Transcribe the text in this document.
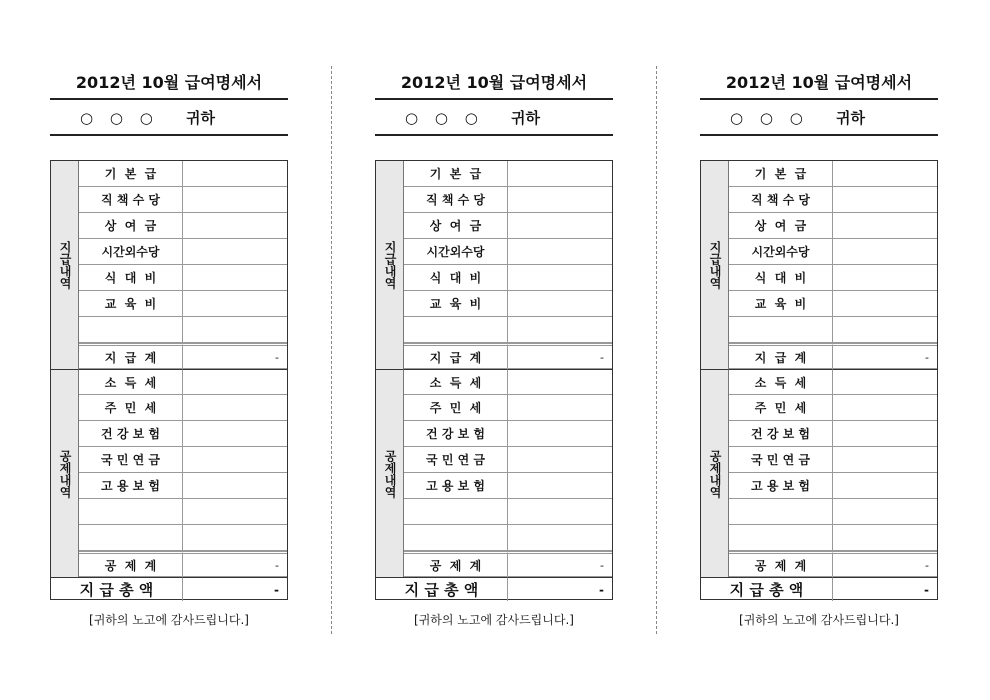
2012년 10월 급여명세서
○ ○ ○ 귀하
지급내역
기  본  급
직 책 수 당
상  여  금
시간외수당
식  대  비
교  육  비
지  급  계	-
공제내역
소  득  세
주  민  세
건 강 보 험
국 민 연 금
고 용 보 험
공  제  계	-
지 급 총 액	-
[귀하의 노고에 감사드립니다.]
2012년 10월 급여명세서
○ ○ ○ 귀하
지급내역
기  본  급
직 책 수 당
상  여  금
시간외수당
식  대  비
교  육  비
지  급  계	-
공제내역
소  득  세
주  민  세
건 강 보 험
국 민 연 금
고 용 보 험
공  제  계	-
지 급 총 액	-
[귀하의 노고에 감사드립니다.]
2012년 10월 급여명세서
○ ○ ○ 귀하
지급내역
기  본  급
직 책 수 당
상  여  금
시간외수당
식  대  비
교  육  비
지  급  계	-
공제내역
소  득  세
주  민  세
건 강 보 험
국 민 연 금
고 용 보 험
공  제  계	-
지 급 총 액	-
[귀하의 노고에 감사드립니다.]
